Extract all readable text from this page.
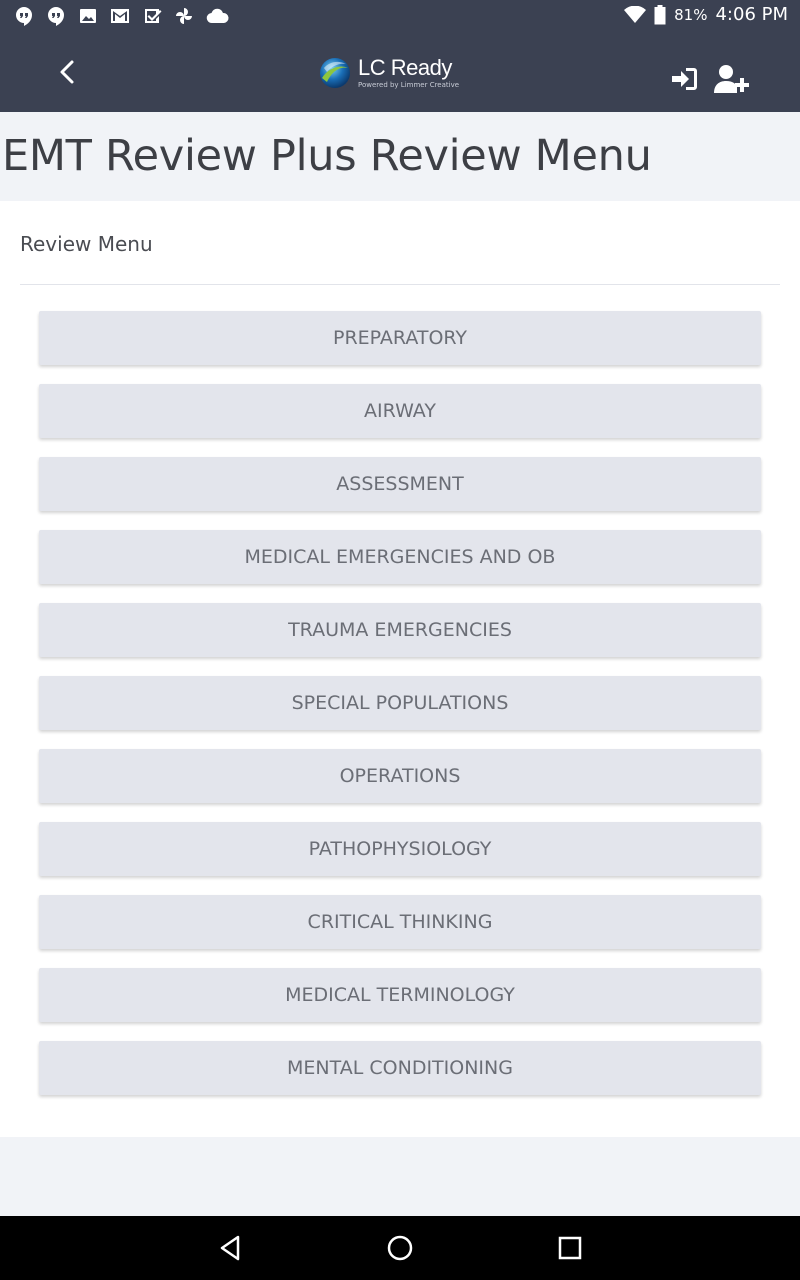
81% 4:06 PM
LC Ready
Powered by Limmer Creative
EMT Review Plus Review Menu
Review Menu
PREPARATORY
AIRWAY
ASSESSMENT
MEDICAL EMERGENCIES AND OB
TRAUMA EMERGENCIES
SPECIAL POPULATIONS
OPERATIONS
PATHOPHYSIOLOGY
CRITICAL THINKING
MEDICAL TERMINOLOGY
MENTAL CONDITIONING
